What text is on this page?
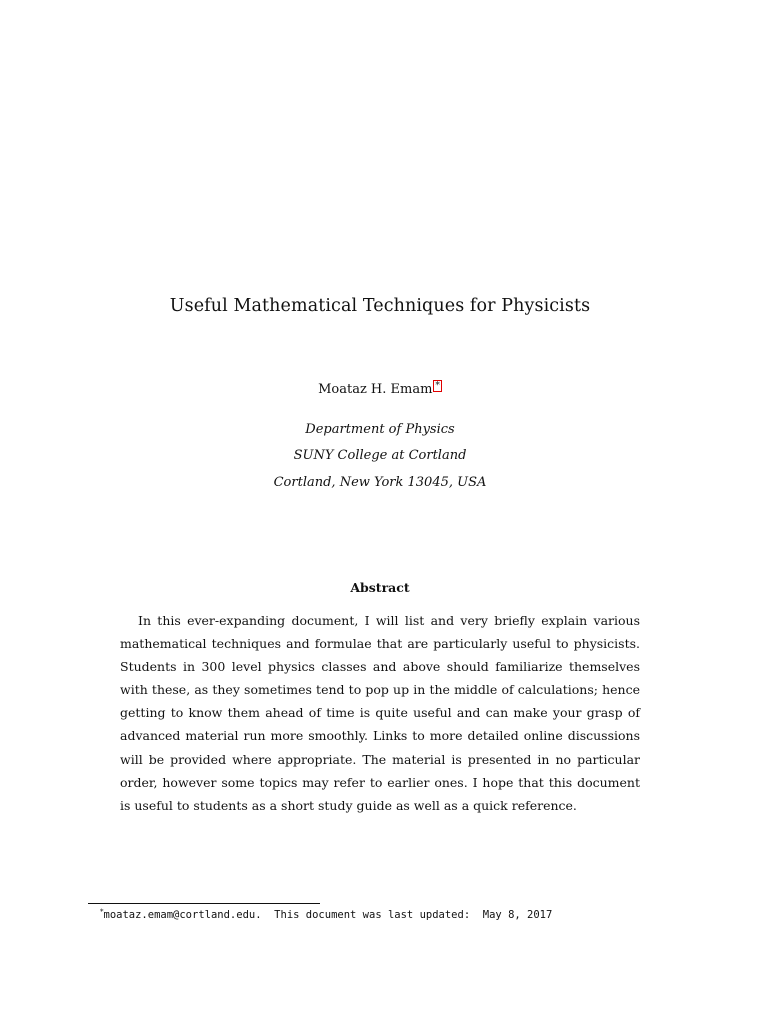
Useful Mathematical Techniques for Physicists
Moataz H. Emam *
Department of Physics
SUNY College at Cortland
Cortland, New York 13045, USA
Abstract
In this ever-expanding document, I will list and very briefly explain various mathematical techniques and formulae that are particularly useful to physicists. Students in 300 level physics classes and above should familiarize themselves with these, as they sometimes tend to pop up in the middle of calculations; hence getting to know them ahead of time is quite useful and can make your grasp of advanced material run more smoothly. Links to more detailed online discussions will be provided where appropriate. The material is presented in no particular order, however some topics may refer to earlier ones. I hope that this document is useful to students as a short study guide as well as a quick reference.
*moataz.emam@cortland.edu.  This document was last updated:  May 8, 2017
